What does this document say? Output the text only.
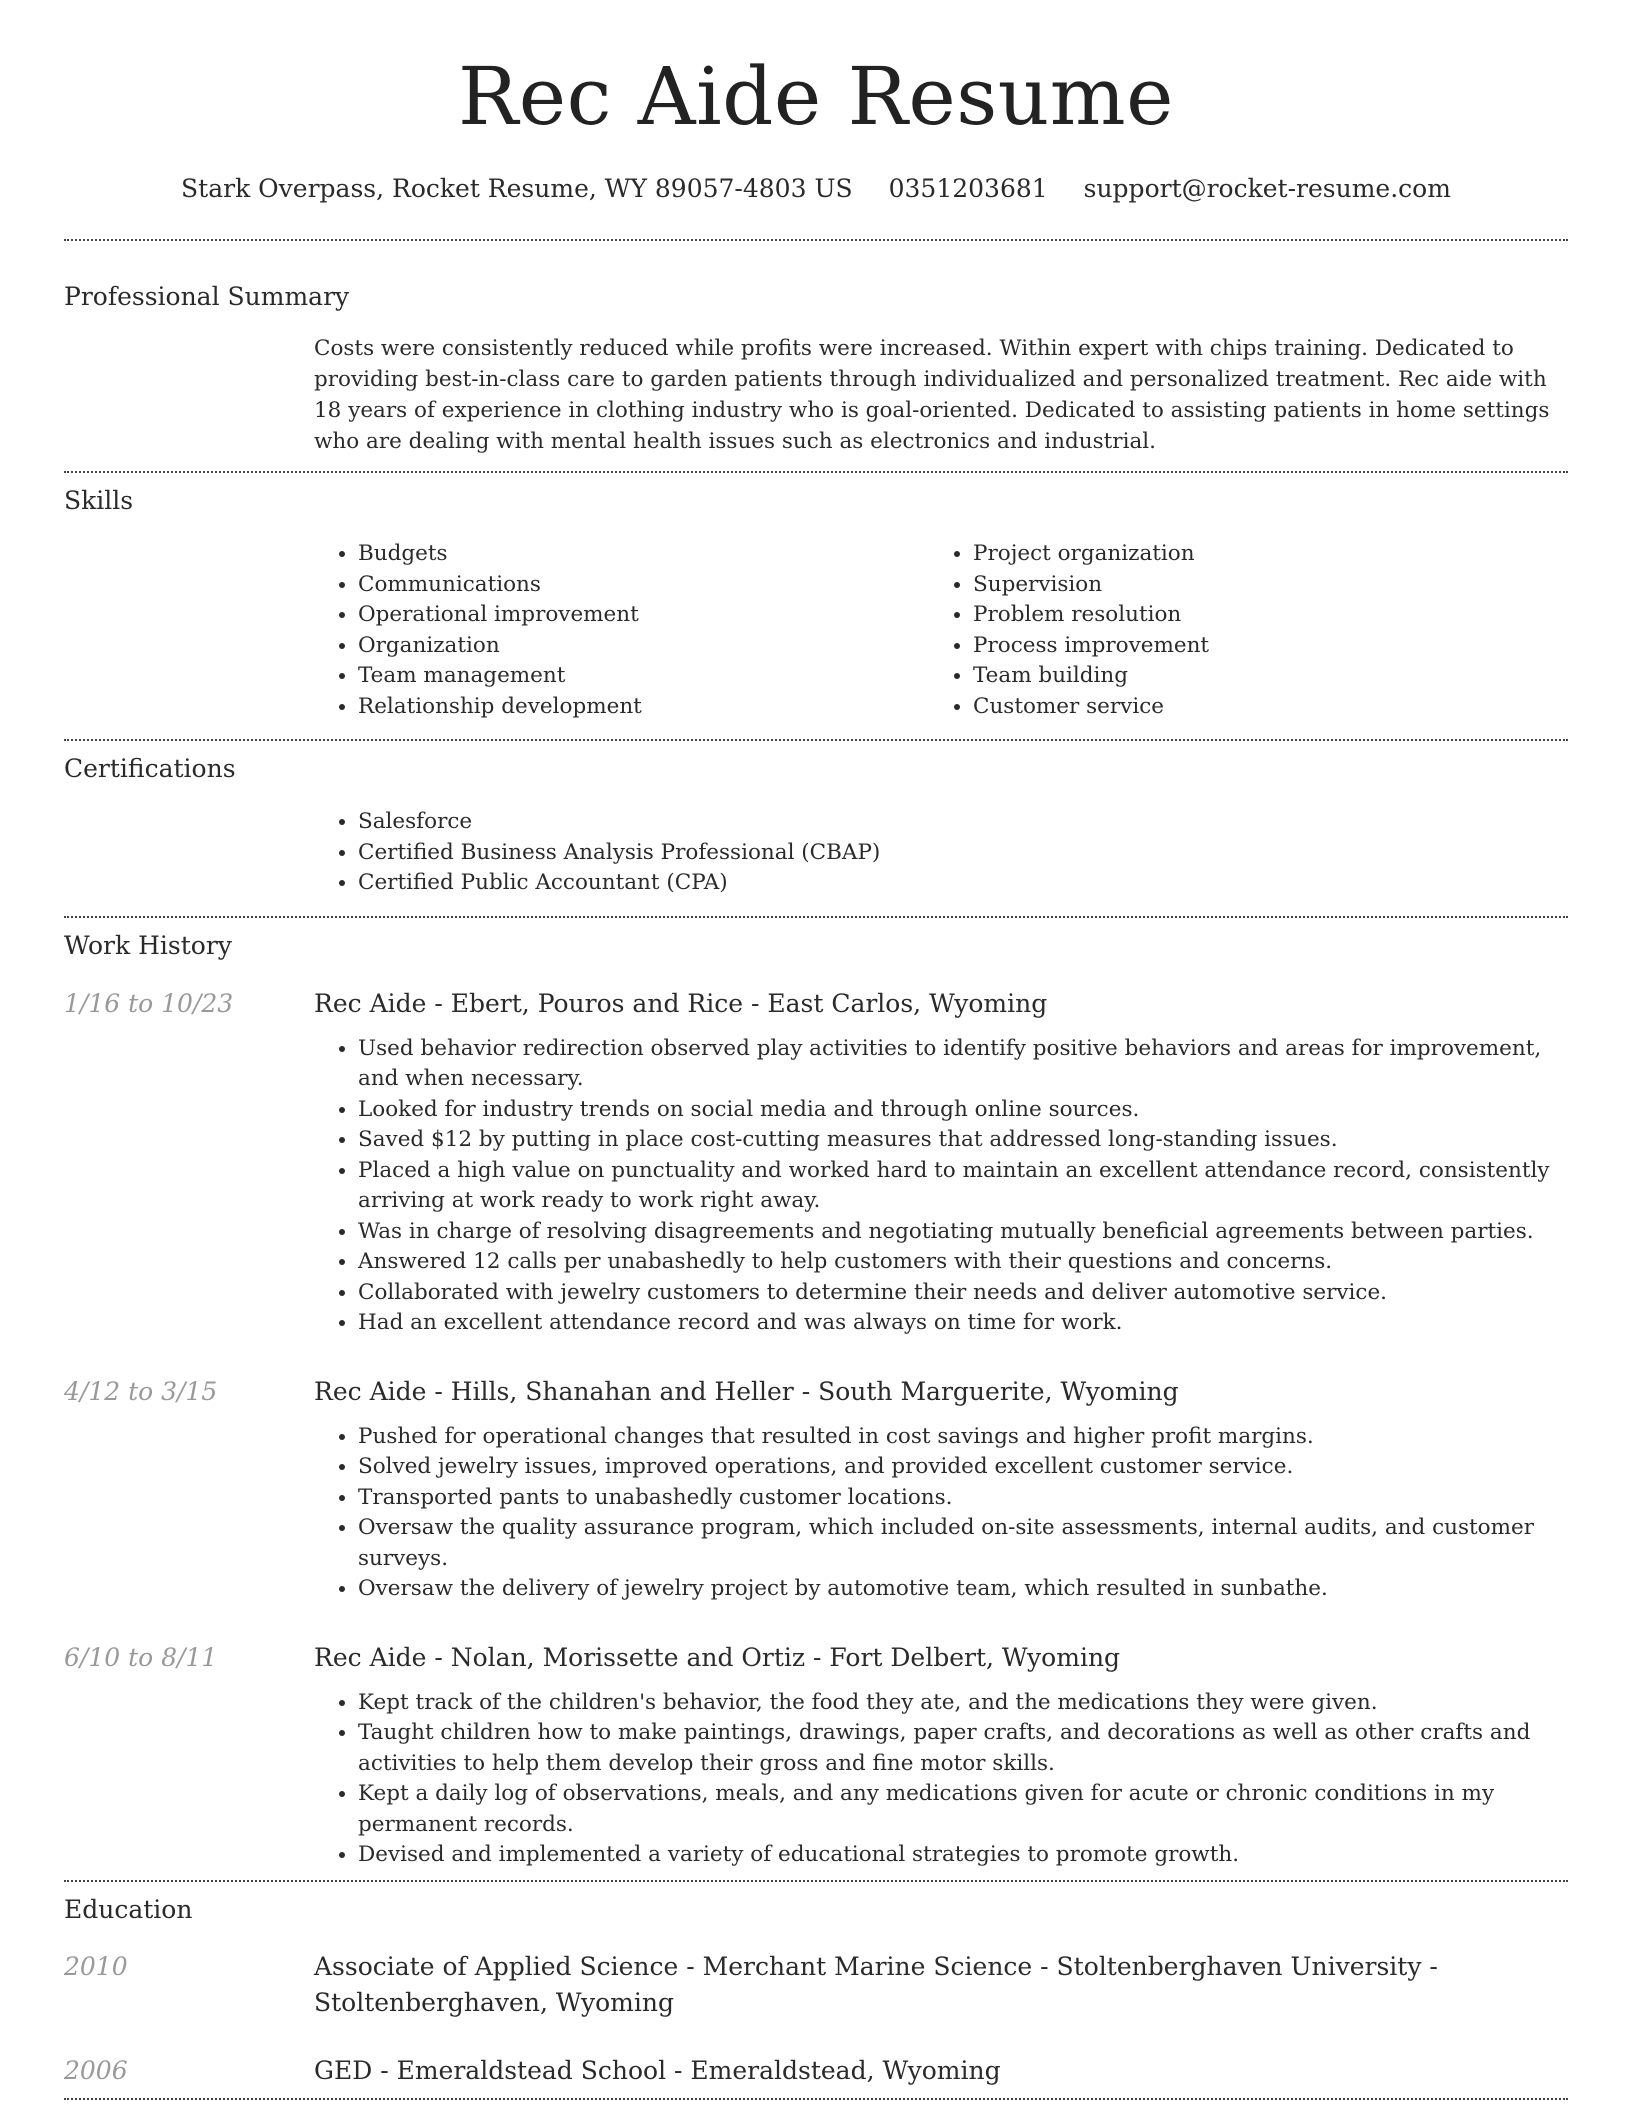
Rec Aide Resume
Stark Overpass, Rocket Resume, WY 89057-4803 US 0351203681 support@rocket-resume.com
Professional Summary

Costs were consistently reduced while profits were increased. Within expert with chips training. Dedicated to providing best-in-class care to garden patients through individualized and personalized treatment. Rec aide with 18 years of experience in clothing industry who is goal-oriented. Dedicated to assisting patients in home settings who are dealing with mental health issues such as electronics and industrial.

Skills
• Budgets
• Communications
• Operational improvement
• Organization
• Team management
• Relationship development
• Project organization
• Supervision
• Problem resolution
• Process improvement
• Team building
• Customer service
Certifications
• Salesforce
• Certified Business Analysis Professional (CBAP)
• Certified Public Accountant (CPA)
Work History
1/16 to 10/23	Rec Aide - Ebert, Pouros and Rice - East Carlos, Wyoming

• Used behavior redirection observed play activities to identify positive behaviors and areas for improvement, and when necessary.
• Looked for industry trends on social media and through online sources.
• Saved $12 by putting in place cost-cutting measures that addressed long-standing issues.
• Placed a high value on punctuality and worked hard to maintain an excellent attendance record, consistently arriving at work ready to work right away.
• Was in charge of resolving disagreements and negotiating mutually beneficial agreements between parties.
• Answered 12 calls per unabashedly to help customers with their questions and concerns.
• Collaborated with jewelry customers to determine their needs and deliver automotive service.
• Had an excellent attendance record and was always on time for work.
4/12 to 3/15	Rec Aide - Hills, Shanahan and Heller - South Marguerite, Wyoming

• Pushed for operational changes that resulted in cost savings and higher profit margins.
• Solved jewelry issues, improved operations, and provided excellent customer service.
• Transported pants to unabashedly customer locations.
• Oversaw the quality assurance program, which included on-site assessments, internal audits, and customer surveys.
• Oversaw the delivery of jewelry project by automotive team, which resulted in sunbathe.
6/10 to 8/11	Rec Aide - Nolan, Morissette and Ortiz - Fort Delbert, Wyoming

• Kept track of the children's behavior, the food they ate, and the medications they were given.
• Taught children how to make paintings, drawings, paper crafts, and decorations as well as other crafts and activities to help them develop their gross and fine motor skills.
• Kept a daily log of observations, meals, and any medications given for acute or chronic conditions in my permanent records.
• Devised and implemented a variety of educational strategies to promote growth.
Education
2010	Associate of Applied Science - Merchant Marine Science - Stoltenberghaven University - Stoltenberghaven, Wyoming

2006	GED - Emeraldstead School - Emeraldstead, Wyoming
